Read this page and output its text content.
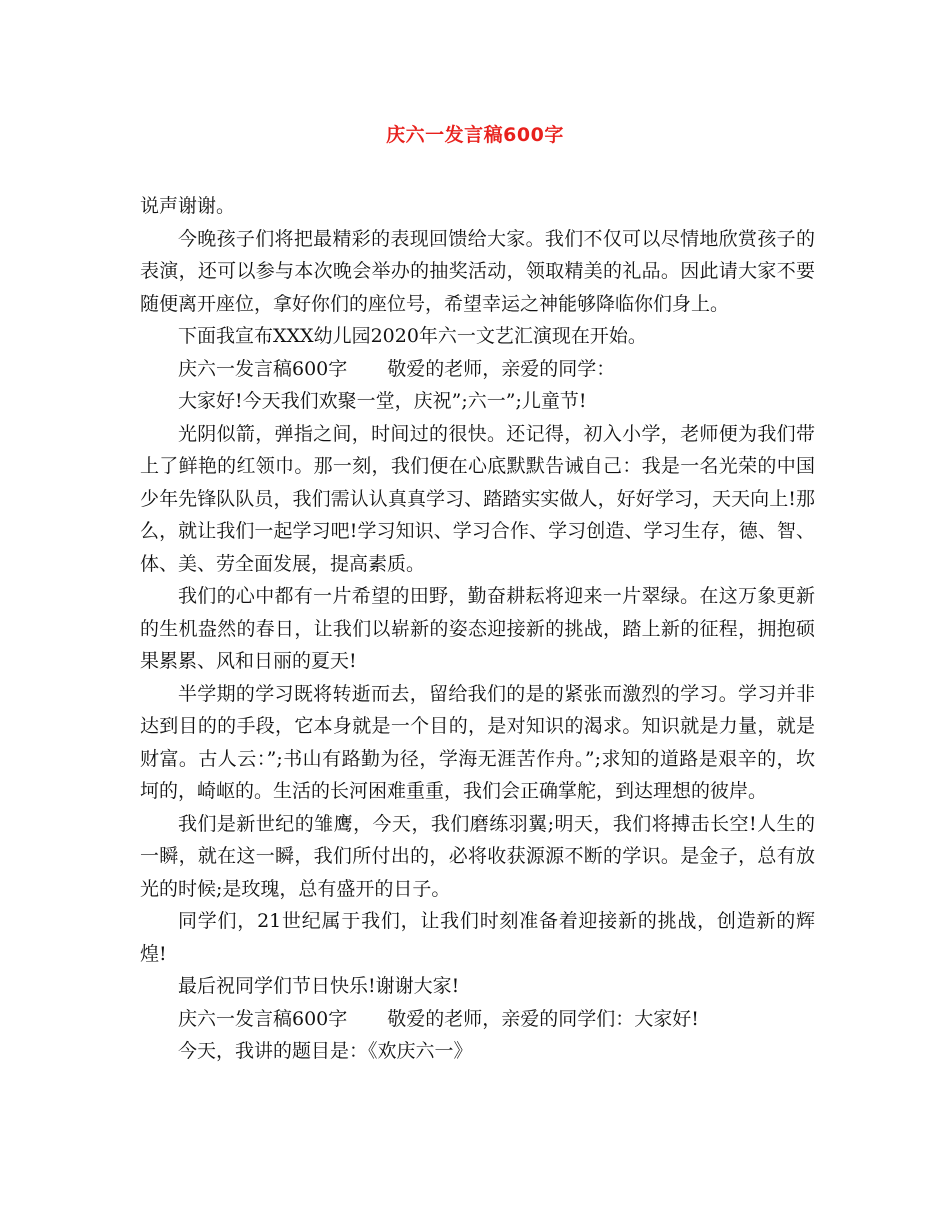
庆六一发言稿600字

说声谢谢。

今晚孩子们将把最精彩的表现回馈给大家。我们不仅可以尽情地欣赏孩子的表演，还可以参与本次晚会举办的抽奖活动，领取精美的礼品。因此请大家不要随便离开座位，拿好你们的座位号，希望幸运之神能够降临你们身上。

下面我宣布XXX幼儿园2020年六一文艺汇演现在开始。

庆六一发言稿600字 敬爱的老师，亲爱的同学：

大家好!今天我们欢聚一堂，庆祝”;六一”;儿童节!

光阴似箭，弹指之间，时间过的很快。还记得，初入小学，老师便为我们带上了鲜艳的红领巾。那一刻，我们便在心底默默告诫自己：我是一名光荣的中国少年先锋队队员，我们需认认真真学习、踏踏实实做人，好好学习，天天向上!那么，就让我们一起学习吧!学习知识、学习合作、学习创造、学习生存，德、智、体、美、劳全面发展，提高素质。

我们的心中都有一片希望的田野，勤奋耕耘将迎来一片翠绿。在这万象更新的生机盎然的春日，让我们以崭新的姿态迎接新的挑战，踏上新的征程，拥抱硕果累累、风和日丽的夏天!

半学期的学习既将转逝而去，留给我们的是的紧张而激烈的学习。学习并非达到目的的手段，它本身就是一个目的，是对知识的渴求。知识就是力量，就是财富。古人云：”;书山有路勤为径，学海无涯苦作舟。”;求知的道路是艰辛的，坎坷的，崎岖的。生活的长河困难重重，我们会正确掌舵，到达理想的彼岸。

我们是新世纪的雏鹰，今天，我们磨练羽翼;明天，我们将搏击长空!人生的一瞬，就在这一瞬，我们所付出的，必将收获源源不断的学识。是金子，总有放光的时候;是玫瑰，总有盛开的日子。

同学们，21世纪属于我们，让我们时刻准备着迎接新的挑战，创造新的辉煌!

最后祝同学们节日快乐!谢谢大家!

庆六一发言稿600字 敬爱的老师，亲爱的同学们：大家好!

今天，我讲的题目是：《欢庆六一》
